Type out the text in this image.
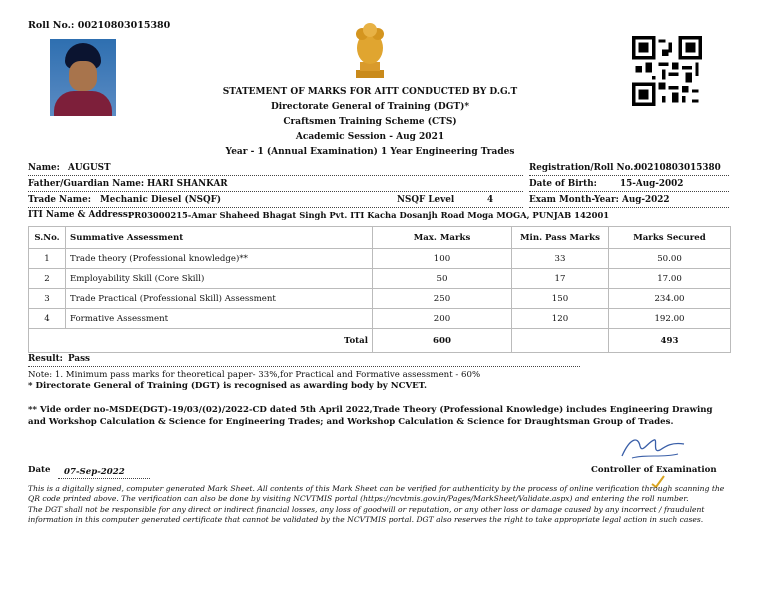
Roll No.: 00210803015380
STATEMENT OF MARKS FOR AITT CONDUCTED BY D.G.T
Directorate General of Training (DGT)*
Craftsmen Training Scheme (CTS)
Academic Session - Aug 2021
Year - 1 (Annual Examination) 1 Year Engineering Trades
Name: AUGUST	Registration/Roll No.:
00210803015380
Father/Guardian Name: HARI SHANKAR	Date of Birth:	15-Aug-2002
Trade Name: Mechanic Diesel (NSQF)	NSQF Level	4	Exam Month-Year: Aug-2022
ITI Name & Address:
PR03000215-Amar Shaheed Bhagat Singh Pvt. ITI Kacha Dosanjh Road Moga MOGA, PUNJAB 142001
S.No.	Summative Assessment	Max. Marks	Min. Pass Marks	Marks Secured
1	Trade theory (Professional knowledge)**	100	33	50.00
2	Employability Skill (Core Skill)	50	17	17.00
3	Trade Practical (Professional Skill) Assessment	250	150	234.00
4	Formative Assessment	200	120	192.00
	Total	600		493
Result: Pass
Note: 1. Minimum pass marks for theoretical paper- 33%,for Practical and Formative assessment - 60%
* Directorate General of Training (DGT) is recognised as awarding body by NCVET.
** Vide order no-MSDE(DGT)-19/03/(02)/2022-CD dated 5th April 2022,Trade Theory (Professional Knowledge) includes Engineering Drawing and Workshop Calculation & Science for Engineering Trades; and Workshop Calculation & Science for Draughtsman Group of Trades.
Controller of Examination
Date 07-Sep-2022
This is a digitally signed, computer generated Mark Sheet. All contents of this Mark Sheet can be verified for authenticity by the process of online verification through scanning the QR code printed above. The verification can also be done by visiting NCVTMIS portal (https://ncvtmis.gov.in/Pages/MarkSheet/Validate.aspx) and entering the roll number.
The DGT shall not be responsible for any direct or indirect financial losses, any loss of goodwill or reputation, or any other loss or damage caused by any incorrect / fraudulent information in this computer generated certificate that cannot be validated by the NCVTMIS portal. DGT also reserves the right to take appropriate legal action in such cases.
